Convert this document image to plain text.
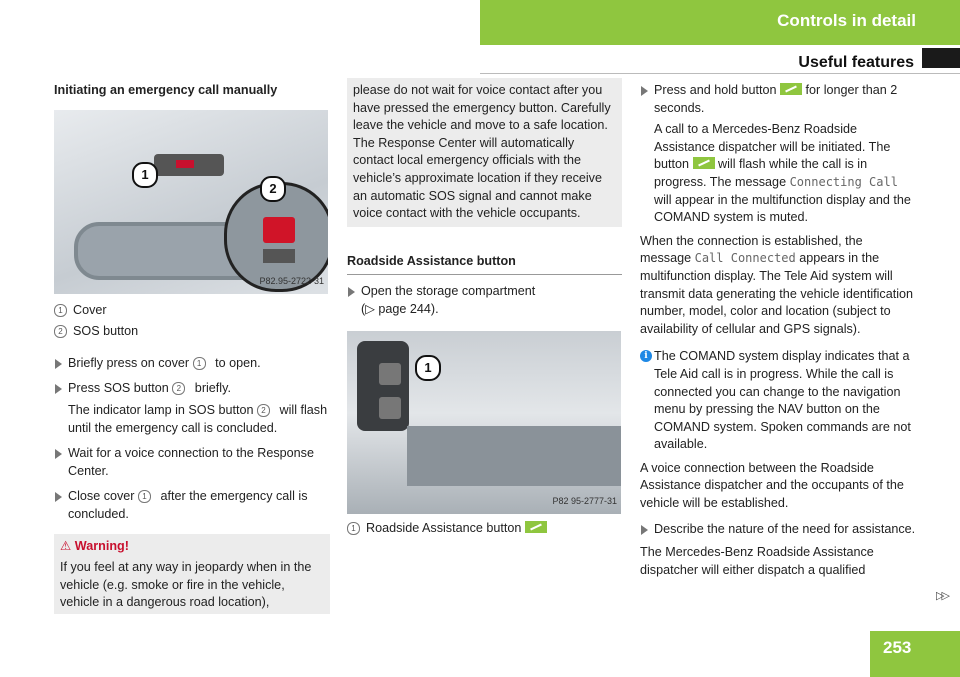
Controls in detail
Useful features
Initiating an emergency call manually
1
2
P82.95-2722-31
1 Cover
2 SOS button
Briefly press on cover 1 to open.
Press SOS button 2 briefly.
The indicator lamp in SOS button 2 will flash until the emergency call is concluded.
Wait for a voice connection to the Response Center.
Close cover 1 after the emergency call is concluded.
⚠ Warning!
If you feel at any way in jeopardy when in the vehicle (e.g. smoke or fire in the vehicle, vehicle in a dangerous road location),
please do not wait for voice contact after you have pressed the emergency button. Carefully leave the vehicle and move to a safe location. The Response Center will automatically contact local emergency officials with the vehicle’s approximate location if they receive an automatic SOS signal and cannot make voice contact with the vehicle occupants.
Roadside Assistance button
Open the storage compartment
(▷ page 244).
1
P82 95-2777-31
1 Roadside Assistance button
Press and hold button  for longer than 2 seconds.
A call to a Mercedes-Benz Roadside Assistance dispatcher will be initiated. The button  will flash while the call is in progress. The message Connecting Call will appear in the multifunction display and the COMAND system is muted.

When the connection is established, the message Call Connected appears in the multifunction display. The Tele Aid system will transmit data generating the vehicle identification number, model, color and location (subject to availability of cellular and GPS signals).

i The COMAND system display indicates that a Tele Aid call is in progress. While the call is connected you can change to the navigation menu by pressing the NAV button on the COMAND system. Spoken commands are not available.

A voice connection between the Roadside Assistance dispatcher and the occupants of the vehicle will be established.

Describe the nature of the need for assistance.

The Mercedes-Benz Roadside Assistance dispatcher will either dispatch a qualified

▷▷
253
